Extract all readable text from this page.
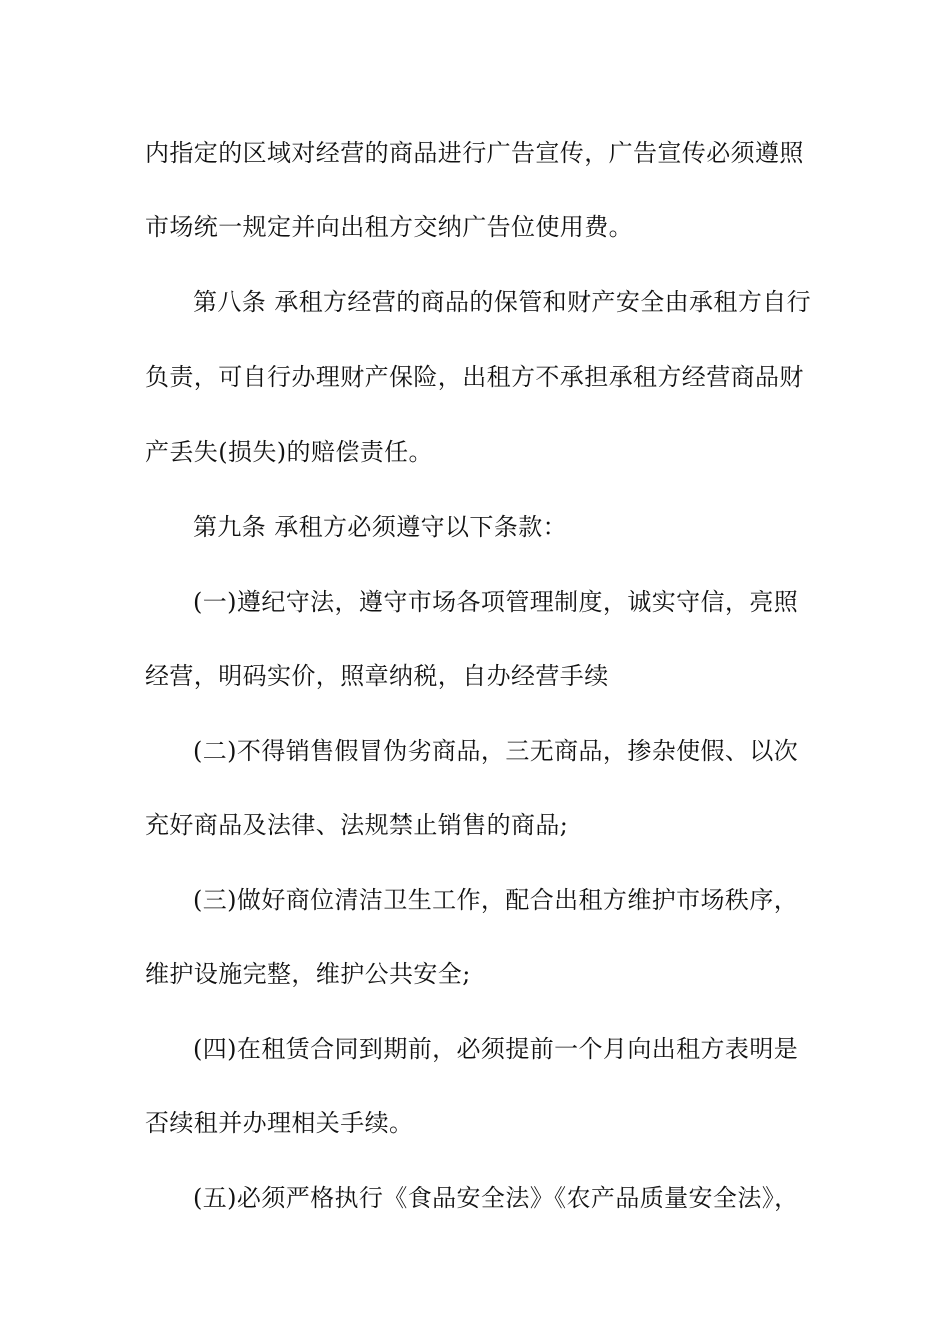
内指定的区域对经营的商品进行广告宣传，广告宣传必须遵照
市场统一规定并向出租方交纳广告位使用费。
第八条 承租方经营的商品的保管和财产安全由承租方自行
负责，可自行办理财产保险，出租方不承担承租方经营商品财
产丢失(损失)的赔偿责任。
第九条 承租方必须遵守以下条款：
(一)遵纪守法，遵守市场各项管理制度，诚实守信，亮照
经营，明码实价，照章纳税，自办经营手续
(二)不得销售假冒伪劣商品，三无商品，掺杂使假、以次
充好商品及法律、法规禁止销售的商品;
(三)做好商位清洁卫生工作，配合出租方维护市场秩序，
维护设施完整，维护公共安全;
(四)在租赁合同到期前，必须提前一个月向出租方表明是
否续租并办理相关手续。
(五)必须严格执行《食品安全法》《农产品质量安全法》，
